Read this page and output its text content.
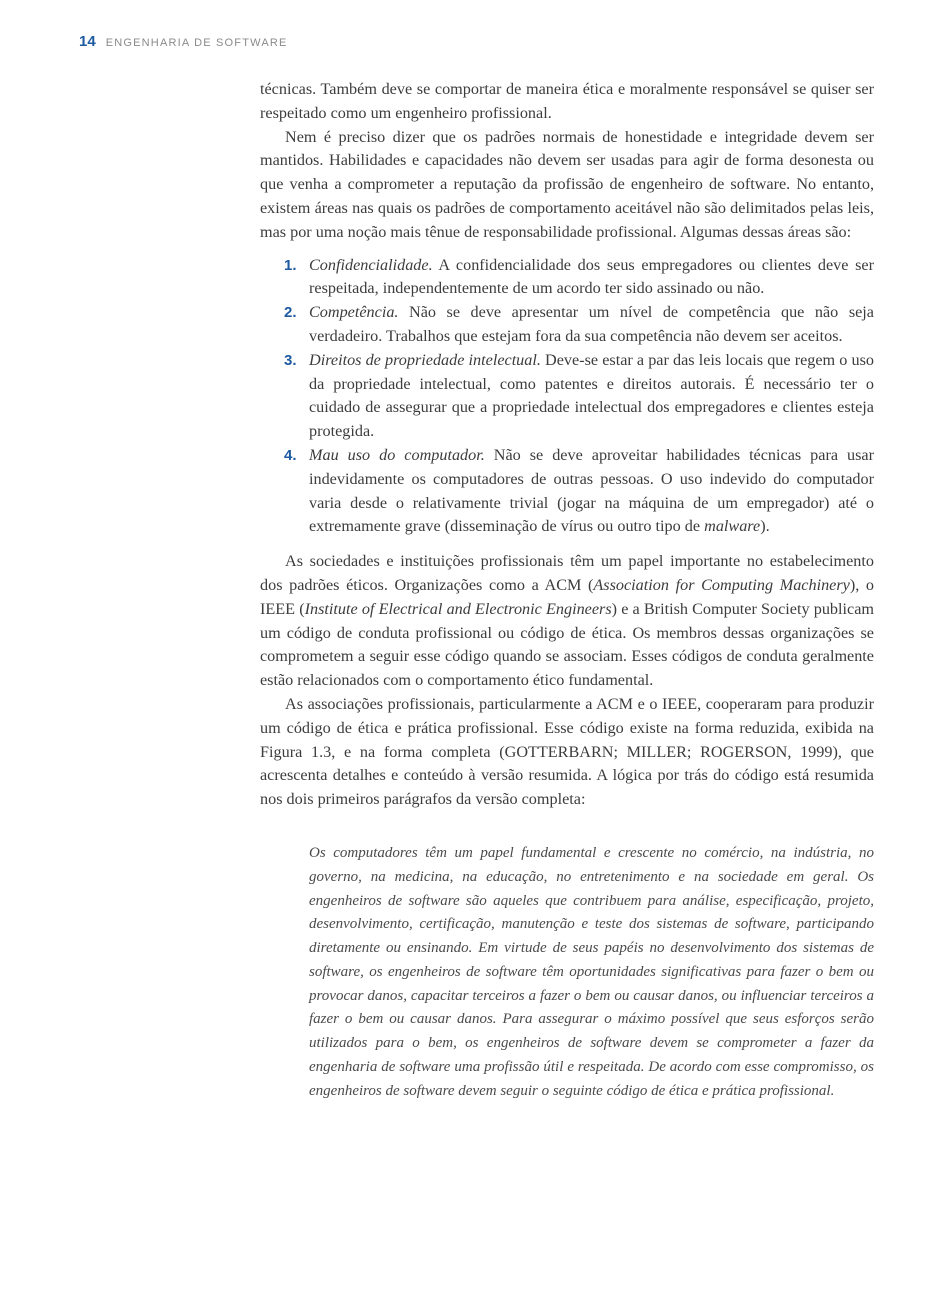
14 ENGENHARIA DE SOFTWARE

técnicas. Também deve se comportar de maneira ética e moralmente responsável se quiser ser respeitado como um engenheiro profissional.

Nem é preciso dizer que os padrões normais de honestidade e integridade devem ser mantidos. Habilidades e capacidades não devem ser usadas para agir de forma desonesta ou que venha a comprometer a reputação da profissão de engenheiro de software. No entanto, existem áreas nas quais os padrões de comportamento aceitável não são delimitados pelas leis, mas por uma noção mais tênue de responsabilidade profissional. Algumas dessas áreas são:

1. Confidencialidade. A confidencialidade dos seus empregadores ou clientes deve ser respeitada, independentemente de um acordo ter sido assinado ou não.
2. Competência. Não se deve apresentar um nível de competência que não seja verdadeiro. Trabalhos que estejam fora da sua competência não devem ser aceitos.
3. Direitos de propriedade intelectual. Deve-se estar a par das leis locais que regem o uso da propriedade intelectual, como patentes e direitos autorais. É necessário ter o cuidado de assegurar que a propriedade intelectual dos empregadores e clientes esteja protegida.
4. Mau uso do computador. Não se deve aproveitar habilidades técnicas para usar indevidamente os computadores de outras pessoas. O uso indevido do computador varia desde o relativamente trivial (jogar na máquina de um empregador) até o extremamente grave (disseminação de vírus ou outro tipo de malware).

As sociedades e instituições profissionais têm um papel importante no estabelecimento dos padrões éticos. Organizações como a ACM (Association for Computing Machinery), o IEEE (Institute of Electrical and Electronic Engineers) e a British Computer Society publicam um código de conduta profissional ou código de ética. Os membros dessas organizações se comprometem a seguir esse código quando se associam. Esses códigos de conduta geralmente estão relacionados com o comportamento ético fundamental.

As associações profissionais, particularmente a ACM e o IEEE, cooperaram para produzir um código de ética e prática profissional. Esse código existe na forma reduzida, exibida na Figura 1.3, e na forma completa (GOTTERBARN; MILLER; ROGERSON, 1999), que acrescenta detalhes e conteúdo à versão resumida. A lógica por trás do código está resumida nos dois primeiros parágrafos da versão completa:

Os computadores têm um papel fundamental e crescente no comércio, na indústria, no governo, na medicina, na educação, no entretenimento e na sociedade em geral. Os engenheiros de software são aqueles que contribuem para análise, especificação, projeto, desenvolvimento, certificação, manutenção e teste dos sistemas de software, participando diretamente ou ensinando. Em virtude de seus papéis no desenvolvimento dos sistemas de software, os engenheiros de software têm oportunidades significativas para fazer o bem ou provocar danos, capacitar terceiros a fazer o bem ou causar danos, ou influenciar terceiros a fazer o bem ou causar danos. Para assegurar o máximo possível que seus esforços serão utilizados para o bem, os engenheiros de software devem se comprometer a fazer da engenharia de software uma profissão útil e respeitada. De acordo com esse compromisso, os engenheiros de software devem seguir o seguinte código de ética e prática profissional.
